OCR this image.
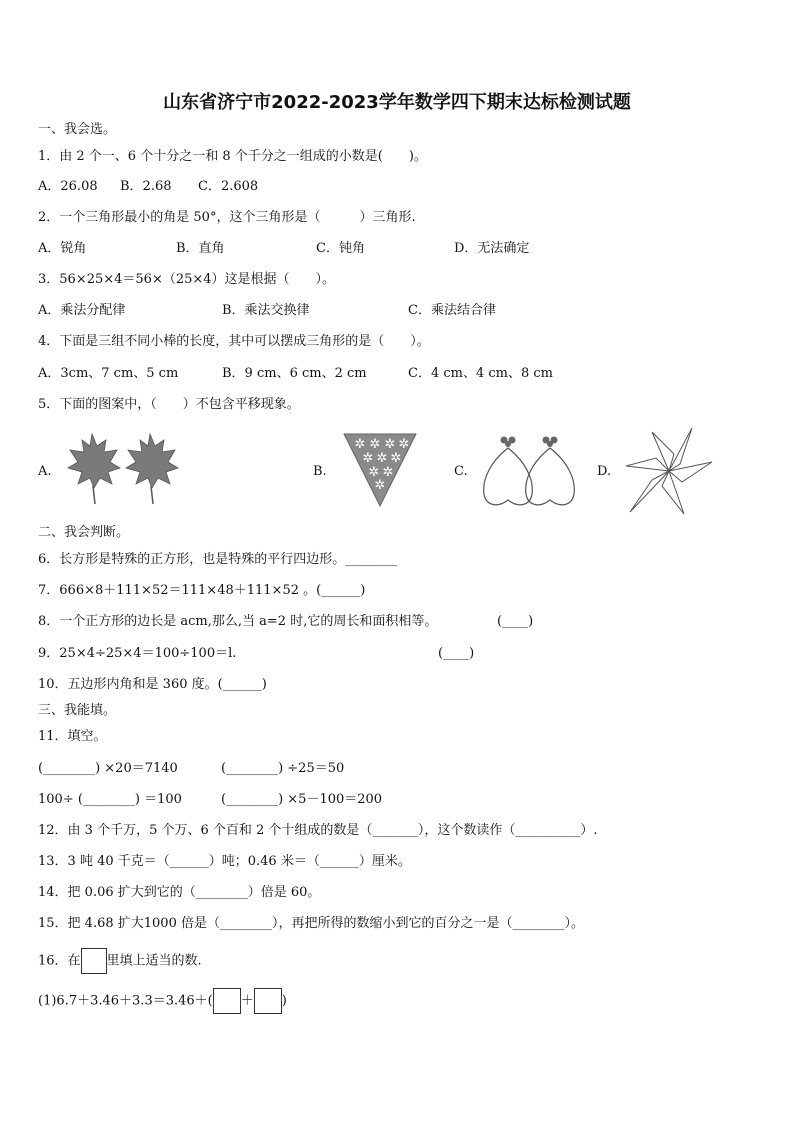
山东省济宁市2022-2023学年数学四下期末达标检测试题
一、我会选。
1．由 2 个一、6 个十分之一和 8 个千分之一组成的小数是(　　)。
A．26.08 B．2.68 C．2.608
2．一个三角形最小的角是 50°，这个三角形是（　　　）三角形.
A．锐角	B．直角	C．钝角	D．无法确定
3．56×25×4＝56×（25×4）这是根据（　　）。
A．乘法分配律	B．乘法交换律	C．乘法结合律
4．下面是三组不同小棒的长度，其中可以摆成三角形的是（　　）。
A．3cm、7 cm、5 cm	B．9 cm、6 cm、2 cm	C．4 cm、4 cm、8 cm
5．下面的图案中，（　　）不包含平移现象。
A.	B.
✲ ✲ ✲ ✲
✲ ✲ ✲
✲ ✲
✲
C.	D.
二、我会判断。
6．长方形是特殊的正方形，也是特殊的平行四边形。________
7．666×8＋111×52＝111×48＋111×52 。(______)
8．一个正方形的边长是 acm,那么,当 a=2 时,它的周长和面积相等。	(____)
9．25×4÷25×4＝100÷100＝l.	(____)
10．五边形内角和是 360 度。(______)
三、我能填。
11．填空。
(________) ×20＝7140	(________) ÷25＝50
100÷ (________) ＝100	(________) ×5－100＝200
12．由 3 个千万，5 个万、6 个百和 2 个十组成的数是（_______），这个数读作（__________）.
13．3 吨 40 千克＝（______）吨；0.46 米＝（______）厘米。
14．把 0.06 扩大到它的（________）倍是 60。
15．把 4.68 扩大1000 倍是（________），再把所得的数缩小到它的百分之一是（________）。
16．在 里填上适当的数.
(1)6.7＋3.46＋3.3＝3.46＋( ＋ )
